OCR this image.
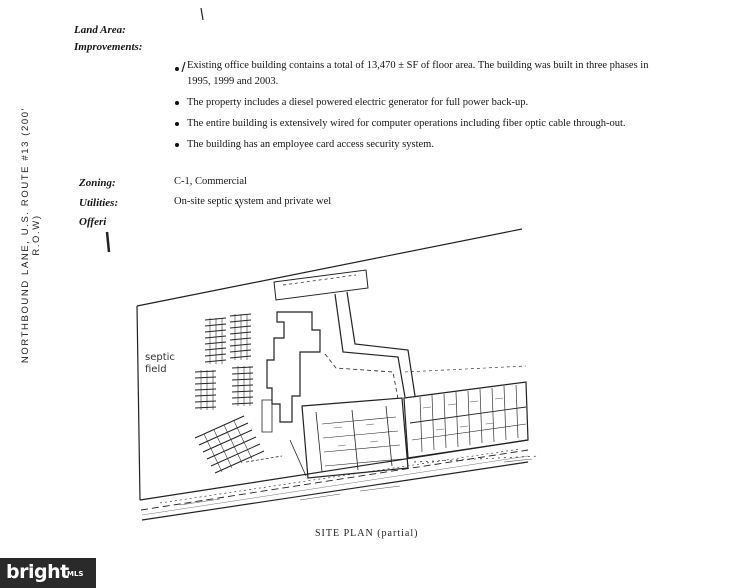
Land Area:
Improvements:
Existing office building contains a total of 13,470 ± SF of floor area. The building was built in three phases in
1995, 1999 and 2003.
The property includes a diesel powered electric generator for full power back-up.
The entire building is extensively wired for computer operations including fiber optic cable through-out.
The building has an employee card access security system.
Zoning:	C-1, Commercial
Utilities:	On-site septic system and private wel
Offeri
NORTHBOUND LANE, U.S. ROUTE #13 (200' R.O.W)
septic
field
SITE PLAN (partial)
bright
MLS
